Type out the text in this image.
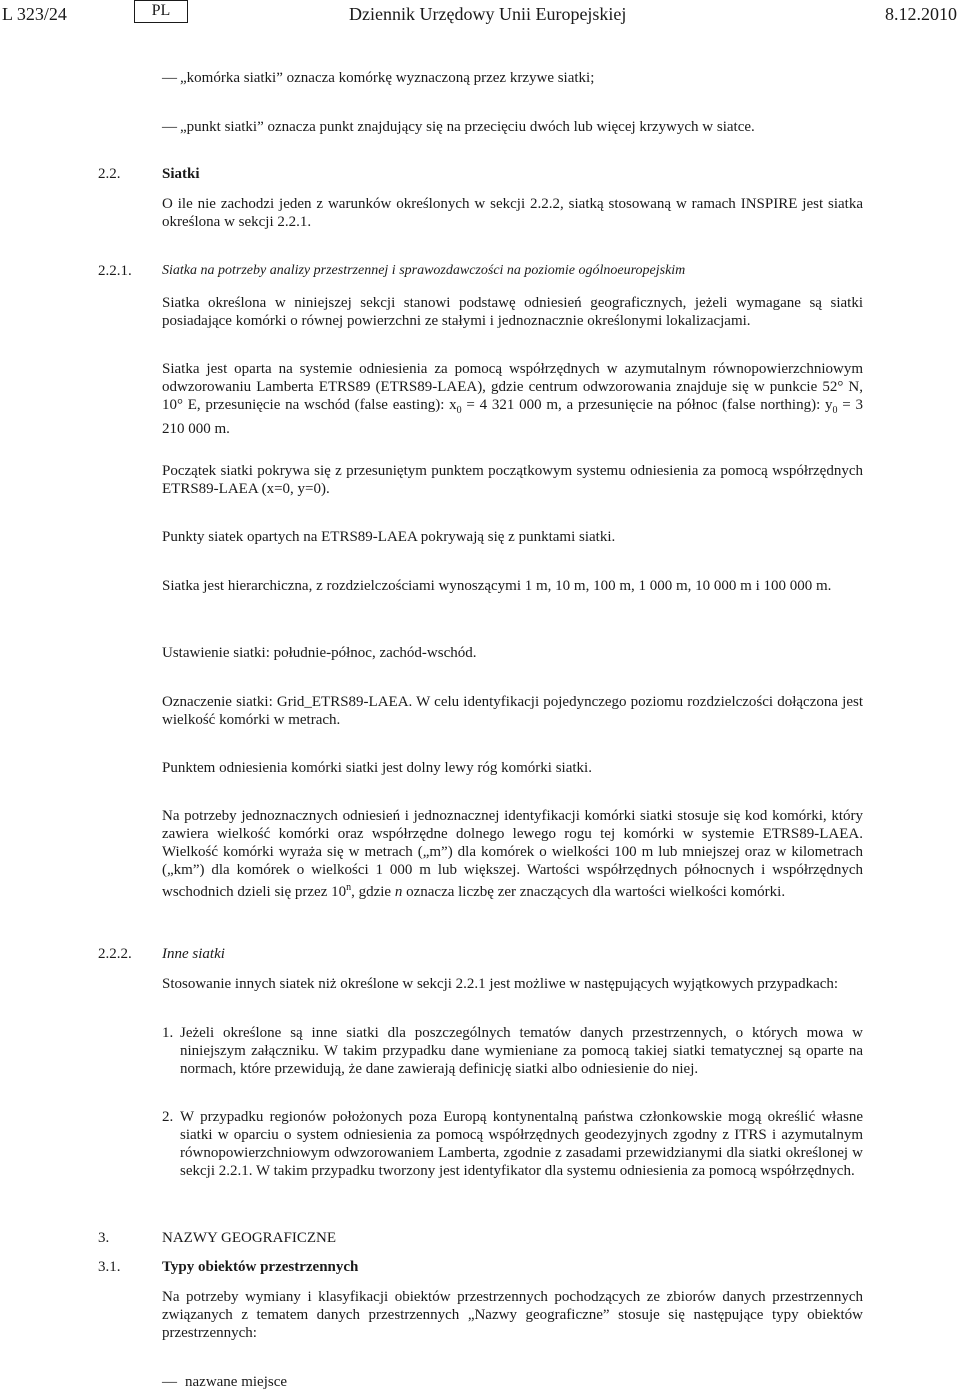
L 323/24	PL	Dziennik Urzędowy Unii Europejskiej	8.12.2010
— „komórka siatki” oznacza komórkę wyznaczoną przez krzywe siatki;
— „punkt siatki” oznacza punkt znajdujący się na przecięciu dwóch lub więcej krzywych w siatce.
2.2.	Siatki
O ile nie zachodzi jeden z warunków określonych w sekcji 2.2.2, siatką stosowaną w ramach INSPIRE jest siatka określona w sekcji 2.2.1.
2.2.1. Siatka na potrzeby analizy przestrzennej i sprawozdawczości na poziomie ogólnoeuropejskim
Siatka określona w niniejszej sekcji stanowi podstawę odniesień geograficznych, jeżeli wymagane są siatki posiadające komórki o równej powierzchni ze stałymi i jednoznacznie określonymi lokalizacjami.
Siatka jest oparta na systemie odniesienia za pomocą współrzędnych w azymutalnym równopowierzchniowym odwzorowaniu Lamberta ETRS89 (ETRS89-LAEA), gdzie centrum odwzorowania znajduje się w punkcie 52° N, 10° E, przesunięcie na wschód (false easting): $x_0 = 4$ 321 000 m, a przesunięcie na północ (false northing): $y_0 = 3$ 210 000 m.
Początek siatki pokrywa się z przesuniętym punktem początkowym systemu odniesienia za pomocą współrzędnych ETRS89-LAEA (x=0, y=0).
Punkty siatek opartych na ETRS89-LAEA pokrywają się z punktami siatki.
Siatka jest hierarchiczna, z rozdzielczościami wynoszącymi 1 m, 10 m, 100 m, 1 000 m, 10 000 m i 100 000 m.
Ustawienie siatki: południe-północ, zachód-wschód.
Oznaczenie siatki: Grid_ETRS89-LAEA. W celu identyfikacji pojedynczego poziomu rozdzielczości dołączona jest wielkość komórki w metrach.
Punktem odniesienia komórki siatki jest dolny lewy róg komórki siatki.
Na potrzeby jednoznacznych odniesień i jednoznacznej identyfikacji komórki siatki stosuje się kod komórki, który zawiera wielkość komórki oraz współrzędne dolnego lewego rogu tej komórki w systemie ETRS89-LAEA. Wielkość komórki wyraża się w metrach („m”) dla komórek o wielkości 100 m lub mniejszej oraz w kilometrach („km”) dla komórek o wielkości 1 000 m lub większej. Wartości współrzędnych północnych i współrzędnych wschodnich dzieli się przez 10$^n$, gdzie n oznacza liczbę zer znaczących dla wartości wielkości komórki.
2.2.2. Inne siatki
Stosowanie innych siatek niż określone w sekcji 2.2.1 jest możliwe w następujących wyjątkowych przypadkach:
1. Jeżeli określone są inne siatki dla poszczególnych tematów danych przestrzennych, o których mowa w niniejszym załączniku. W takim przypadku dane wymieniane za pomocą takiej siatki tematycznej są oparte na normach, które przewidują, że dane zawierają definicję siatki albo odniesienie do niej.
2. W przypadku regionów położonych poza Europą kontynentalną państwa członkowskie mogą określić własne siatki w oparciu o system odniesienia za pomocą współrzędnych geodezyjnych zgodny z ITRS i azymutalnym równopowierzchniowym odwzorowaniem Lamberta, zgodnie z zasadami przewidzianymi dla siatki określonej w sekcji 2.2.1. W takim przypadku tworzony jest identyfikator dla systemu odniesienia za pomocą współrzędnych.
3.	NAZWY GEOGRAFICZNE
3.1.	Typy obiektów przestrzennych
Na potrzeby wymiany i klasyfikacji obiektów przestrzennych pochodzących ze zbiorów danych przestrzennych związanych z tematem danych przestrzennych „Nazwy geograficzne” stosuje się następujące typy obiektów przestrzennych:
— nazwane miejsce
